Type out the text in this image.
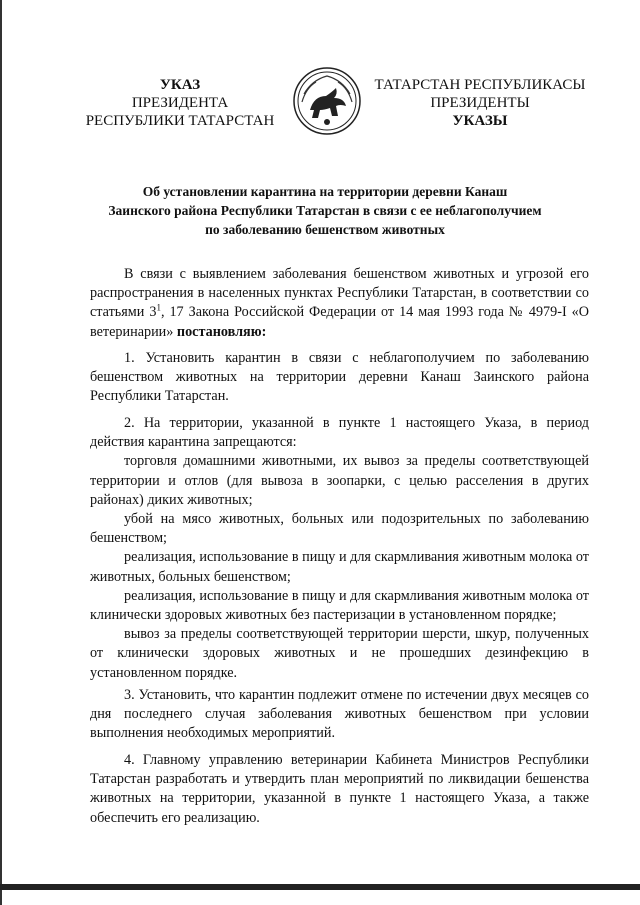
УКАЗ
ПРЕЗИДЕНТА
РЕСПУБЛИКИ ТАТАРСТАН
ТАТАРСТАН РЕСПУБЛИКАСЫ
ПРЕЗИДЕНТЫ
УКАЗЫ
Об установлении карантина на территории деревни Канаш
Заинского района Республики Татарстан в связи с ее неблагополучием
по заболеванию бешенством животных

В связи с выявлением заболевания бешенством животных и угрозой его распространения в населенных пунктах Республики Татарстан, в соответствии со статьями $3^1$, 17 Закона Российской Федерации от 14 мая 1993 года № 4979-I «О ветеринарии» постановляю:

1. Установить карантин в связи с неблагополучием по заболеванию бешенством животных на территории деревни Канаш Заинского района Республики Татарстан.

2. На территории, указанной в пункте 1 настоящего Указа, в период действия карантина запрещаются:

торговля домашними животными, их вывоз за пределы соответствующей территории и отлов (для вывоза в зоопарки, с целью расселения в других районах) диких животных;

убой на мясо животных, больных или подозрительных по заболеванию бешенством;

реализация, использование в пищу и для скармливания животным молока от животных, больных бешенством;

реализация, использование в пищу и для скармливания животным молока от клинически здоровых животных без пастеризации в установленном порядке;

вывоз за пределы соответствующей территории шерсти, шкур, полученных от клинически здоровых животных и не прошедших дезинфекцию в установленном порядке.

3. Установить, что карантин подлежит отмене по истечении двух месяцев со дня последнего случая заболевания животных бешенством при условии выполнения необходимых мероприятий.

4. Главному управлению ветеринарии Кабинета Министров Республики Татарстан разработать и утвердить план мероприятий по ликвидации бешенства животных на территории, указанной в пункте 1 настоящего Указа, а также обеспечить его реализацию.
